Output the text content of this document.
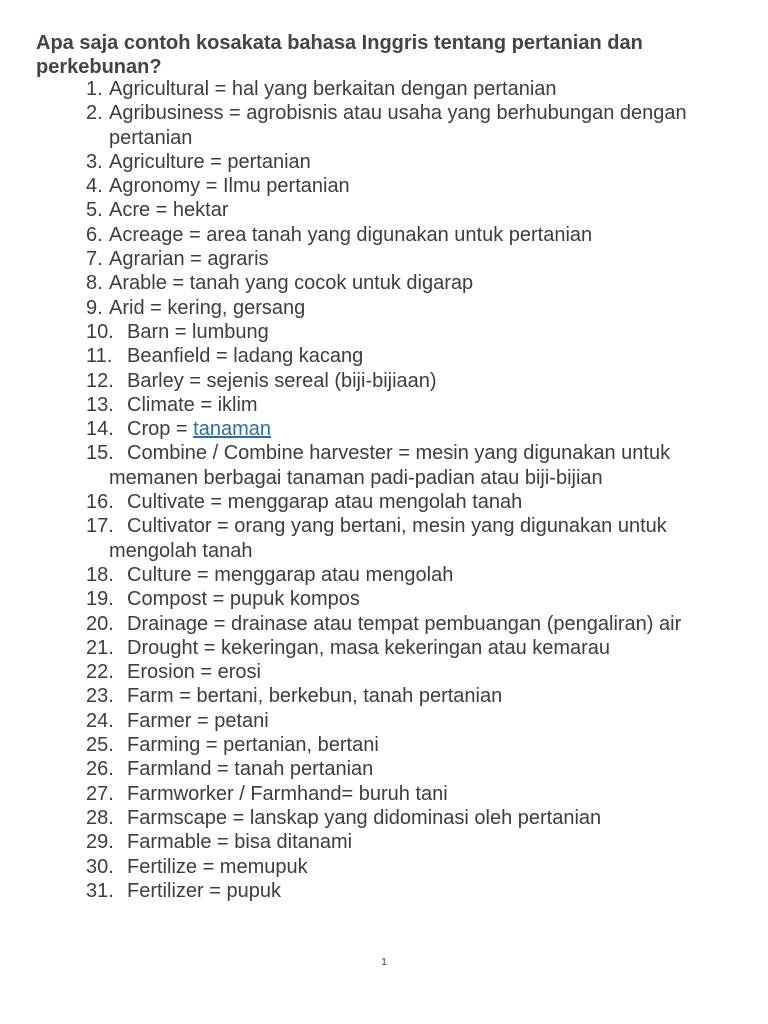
Apa saja contoh kosakata bahasa Inggris tentang pertanian dan perkebunan?
1. Agricultural = hal yang berkaitan dengan pertanian
2. Agribusiness = agrobisnis atau usaha yang berhubungan dengan pertanian
3. Agriculture = pertanian
4. Agronomy = Ilmu pertanian
5. Acre = hektar
6. Acreage = area tanah yang digunakan untuk pertanian
7. Agrarian = agraris
8. Arable = tanah yang cocok untuk digarap
9. Arid = kering, gersang
10. Barn = lumbung
11. Beanfield = ladang kacang
12. Barley = sejenis sereal (biji-bijiaan)
13. Climate = iklim
14. Crop = tanaman
15. Combine / Combine harvester = mesin yang digunakan untuk memanen berbagai tanaman padi-padian atau biji-bijian
16. Cultivate = menggarap atau mengolah tanah
17. Cultivator = orang yang bertani, mesin yang digunakan untuk mengolah tanah
18. Culture = menggarap atau mengolah
19. Compost = pupuk kompos
20. Drainage = drainase atau tempat pembuangan (pengaliran) air
21. Drought = kekeringan, masa kekeringan atau kemarau
22. Erosion = erosi
23. Farm = bertani, berkebun, tanah pertanian
24. Farmer = petani
25. Farming = pertanian, bertani
26. Farmland = tanah pertanian
27. Farmworker / Farmhand= buruh tani
28. Farmscape = lanskap yang didominasi oleh pertanian
29. Farmable = bisa ditanami
30. Fertilize = memupuk
31. Fertilizer = pupuk
1
